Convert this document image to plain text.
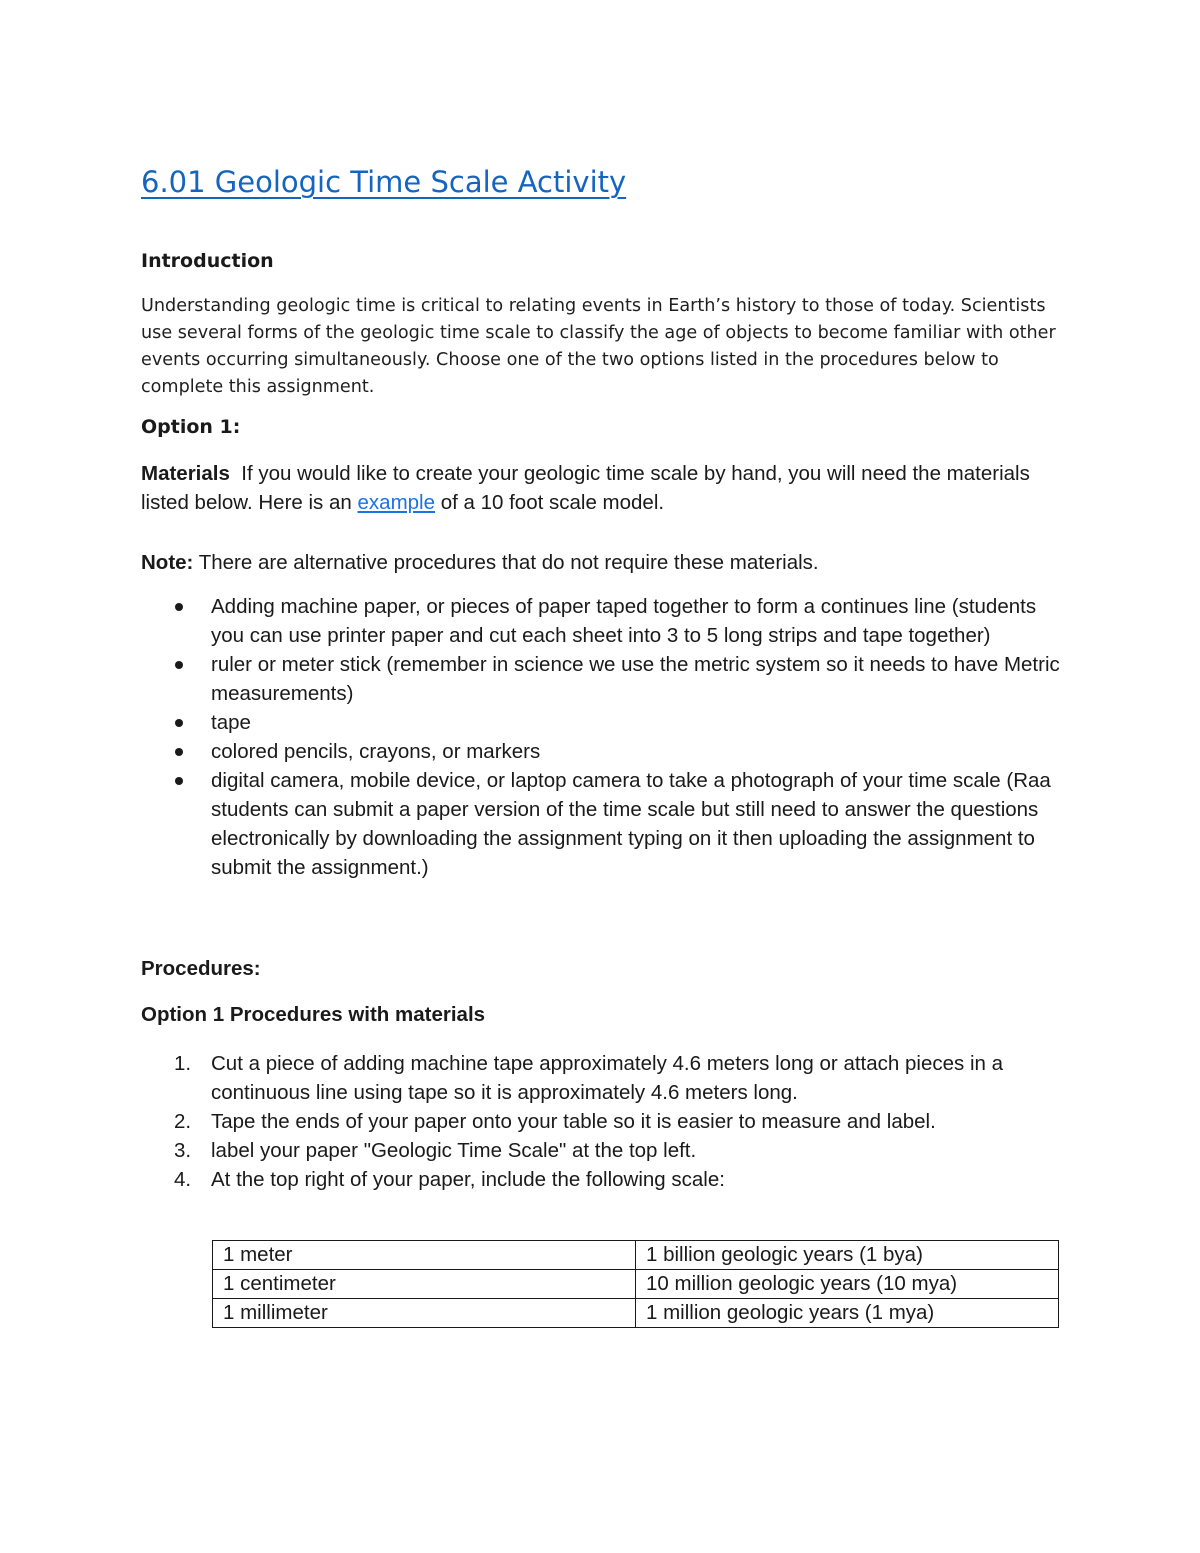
6.01 Geologic Time Scale Activity
Introduction

Understanding geologic time is critical to relating events in Earth’s history to those of today. Scientists use several forms of the geologic time scale to classify the age of objects to become familiar with other events occurring simultaneously. Choose one of the two options listed in the procedures below to complete this assignment.

Option 1:

Materials If you would like to create your geologic time scale by hand, you will need the materials listed below. Here is an example of a 10 foot scale model.

Note: There are alternative procedures that do not require these materials.

Adding machine paper, or pieces of paper taped together to form a continues line (students you can use printer paper and cut each sheet into 3 to 5 long strips and tape together)
ruler or meter stick (remember in science we use the metric system so it needs to have Metric measurements)
tape
colored pencils, crayons, or markers
digital camera, mobile device, or laptop camera to take a photograph of your time scale (Raa students can submit a paper version of the time scale but still need to answer the questions electronically by downloading the assignment typing on it then uploading the assignment to submit the assignment.)
Procedures:
Option 1 Procedures with materials
1. Cut a piece of adding machine tape approximately 4.6 meters long or attach pieces in a continuous line using tape so it is approximately 4.6 meters long.
2. Tape the ends of your paper onto your table so it is easier to measure and label.
3. label your paper "Geologic Time Scale" at the top left.
4. At the top right of your paper, include the following scale:
1 meter	1 billion geologic years (1 bya)
1 centimeter	10 million geologic years (10 mya)
1 millimeter	1 million geologic years (1 mya)
